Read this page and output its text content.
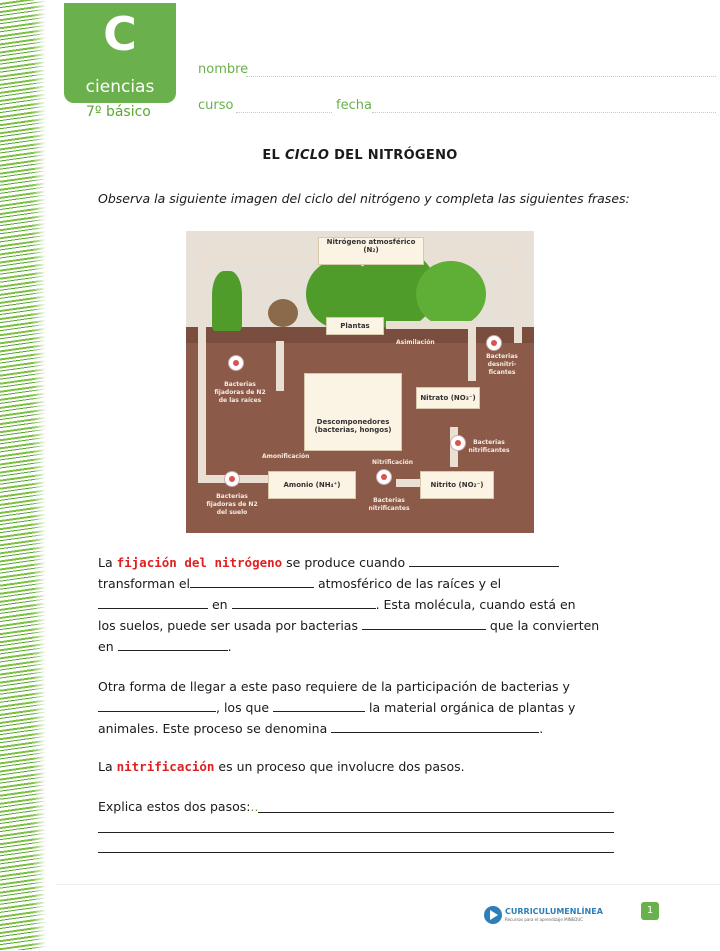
C
ciencias
7º básico
nombre
curso	fecha
EL CICLO DEL NITRÓGENO
Observa la siguiente imagen del ciclo del nitrógeno y completa las siguientes frases:
Nitrógeno atmosférico (N₂)
Plantas
Descomponedores (bacterias, hongos)
Nitrato (NO₃⁻)
Amonio (NH₄⁺)	Nitrito (NO₂⁻)
Asimilación
Bacterias desnitri-ficantes
Bacterias fijadoras de N2 de las raíces
Bacterias nitrificantes
Amonificación
Nitrificación
Bacterias nitrificantes
Bacterias fijadoras de N2 del suelo
La fijación del nitrógeno se produce cuando
transforman el	atmosférico de las raíces y el
en	. Esta molécula, cuando está en
los suelos, puede ser usada por bacterias	que la convierten
en	.
Otra forma de llegar a este paso requiere de la participación de bacterias y
, los que	la material orgánica de plantas y
animales. Este proceso se denomina	.
La nitrificación es un proceso que involucre dos pasos.
Explica estos dos pasos:..
CURRICULUMENLÍNEA
Recursos para el aprendizaje MINEDUC
1
